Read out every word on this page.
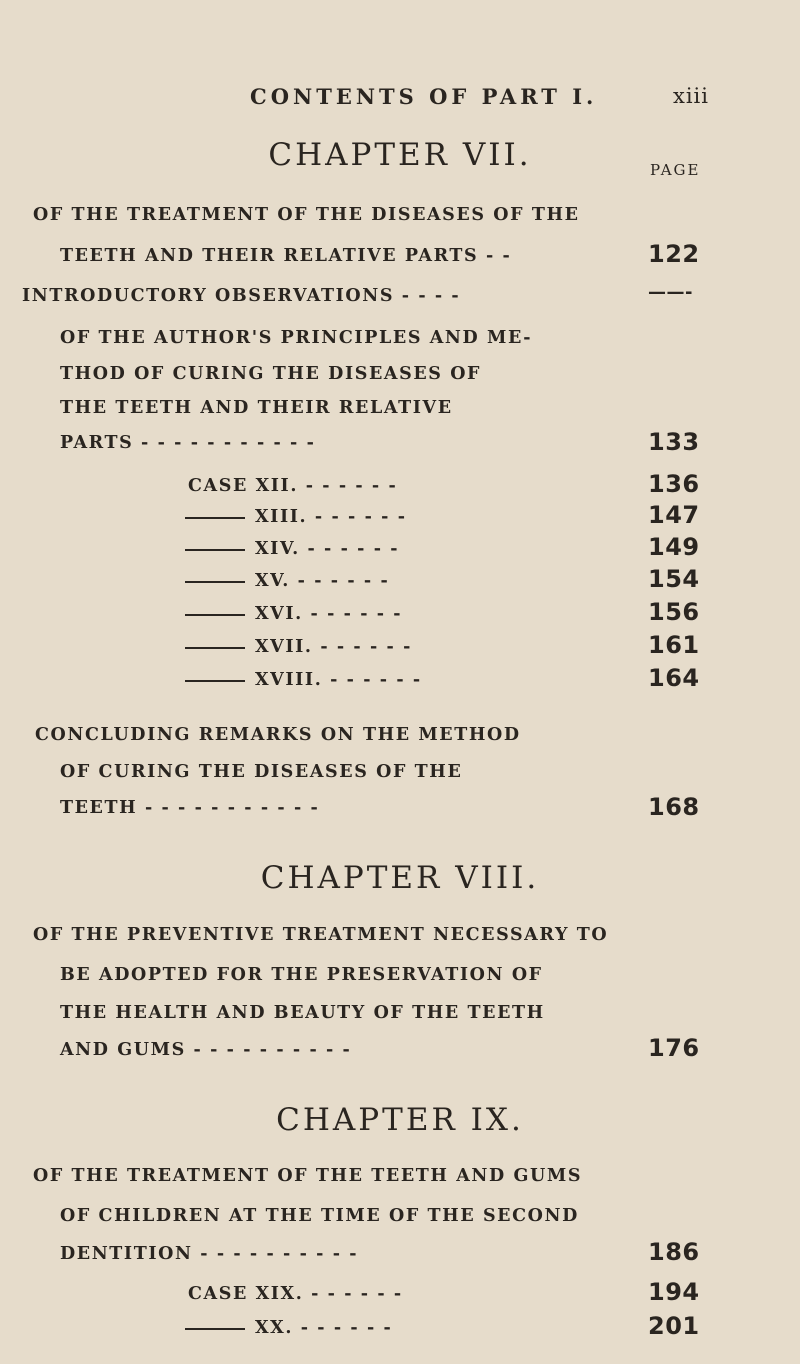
CONTENTS OF PART I.	xiii
CHAPTER VII.	PAGE
OF THE TREATMENT OF THE DISEASES OF THE
TEETH AND THEIR RELATIVE PARTS - -	122
INTRODUCTORY OBSERVATIONS - - - -	——-
OF THE AUTHOR'S PRINCIPLES AND ME-
THOD OF CURING THE DISEASES OF
THE TEETH AND THEIR RELATIVE
PARTS - - - - - - - - - - -	133
CASE XII. - - - - - -	136
XIII. - - - - - -	147
XIV. - - - - - -	149
XV. - - - - - -	154
XVI. - - - - - -	156
XVII. - - - - - -	161
XVIII. - - - - - -	164
CONCLUDING REMARKS ON THE METHOD
OF CURING THE DISEASES OF THE
TEETH - - - - - - - - - - -	168
CHAPTER VIII.
OF THE PREVENTIVE TREATMENT NECESSARY TO
BE ADOPTED FOR THE PRESERVATION OF
THE HEALTH AND BEAUTY OF THE TEETH
AND GUMS - - - - - - - - - -	176
CHAPTER IX.
OF THE TREATMENT OF THE TEETH AND GUMS
OF CHILDREN AT THE TIME OF THE SECOND
DENTITION - - - - - - - - - -	186
CASE XIX. - - - - - -	194
XX. - - - - - -	201
